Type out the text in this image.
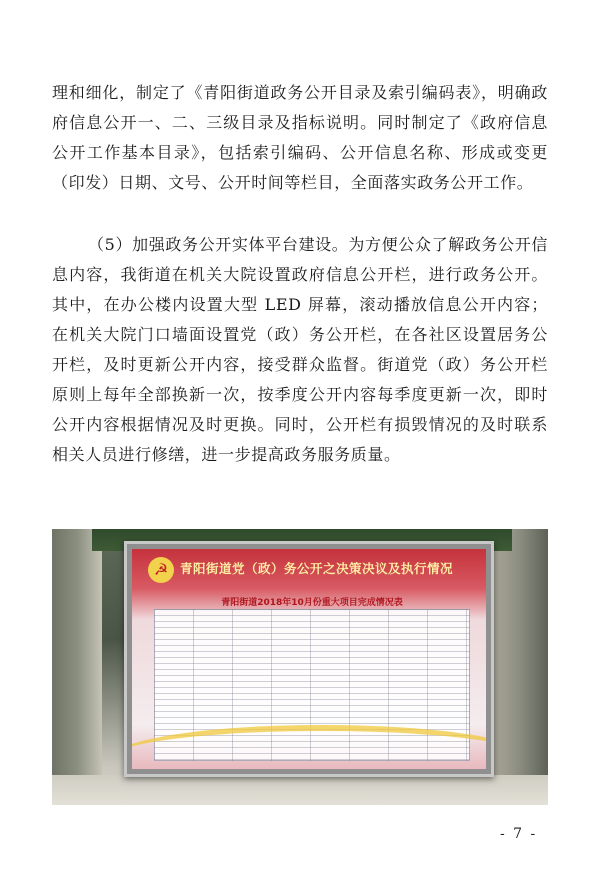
理和细化，制定了《青阳街道政务公开目录及索引编码表》，明确政府信息公开一、二、三级目录及指标说明。同时制定了《政府信息公开工作基本目录》，包括索引编码、公开信息名称、形成或变更（印发）日期、文号、公开时间等栏目，全面落实政务公开工作。

（5）加强政务公开实体平台建设。为方便公众了解政务公开信息内容，我街道在机关大院设置政府信息公开栏，进行政务公开。其中，在办公楼内设置大型 LED 屏幕，滚动播放信息公开内容；在机关大院门口墙面设置党（政）务公开栏，在各社区设置居务公开栏，及时更新公开内容，接受群众监督。街道党（政）务公开栏原则上每年全部换新一次，按季度公开内容每季度更新一次，即时公开内容根据情况及时更换。同时，公开栏有损毁情况的及时联系相关人员进行修缮，进一步提高政务服务质量。

☭ 青阳街道党（政）务公开之决策决议及执行情况
青阳街道2018年10月份重大项目完成情况表
- 7 -
